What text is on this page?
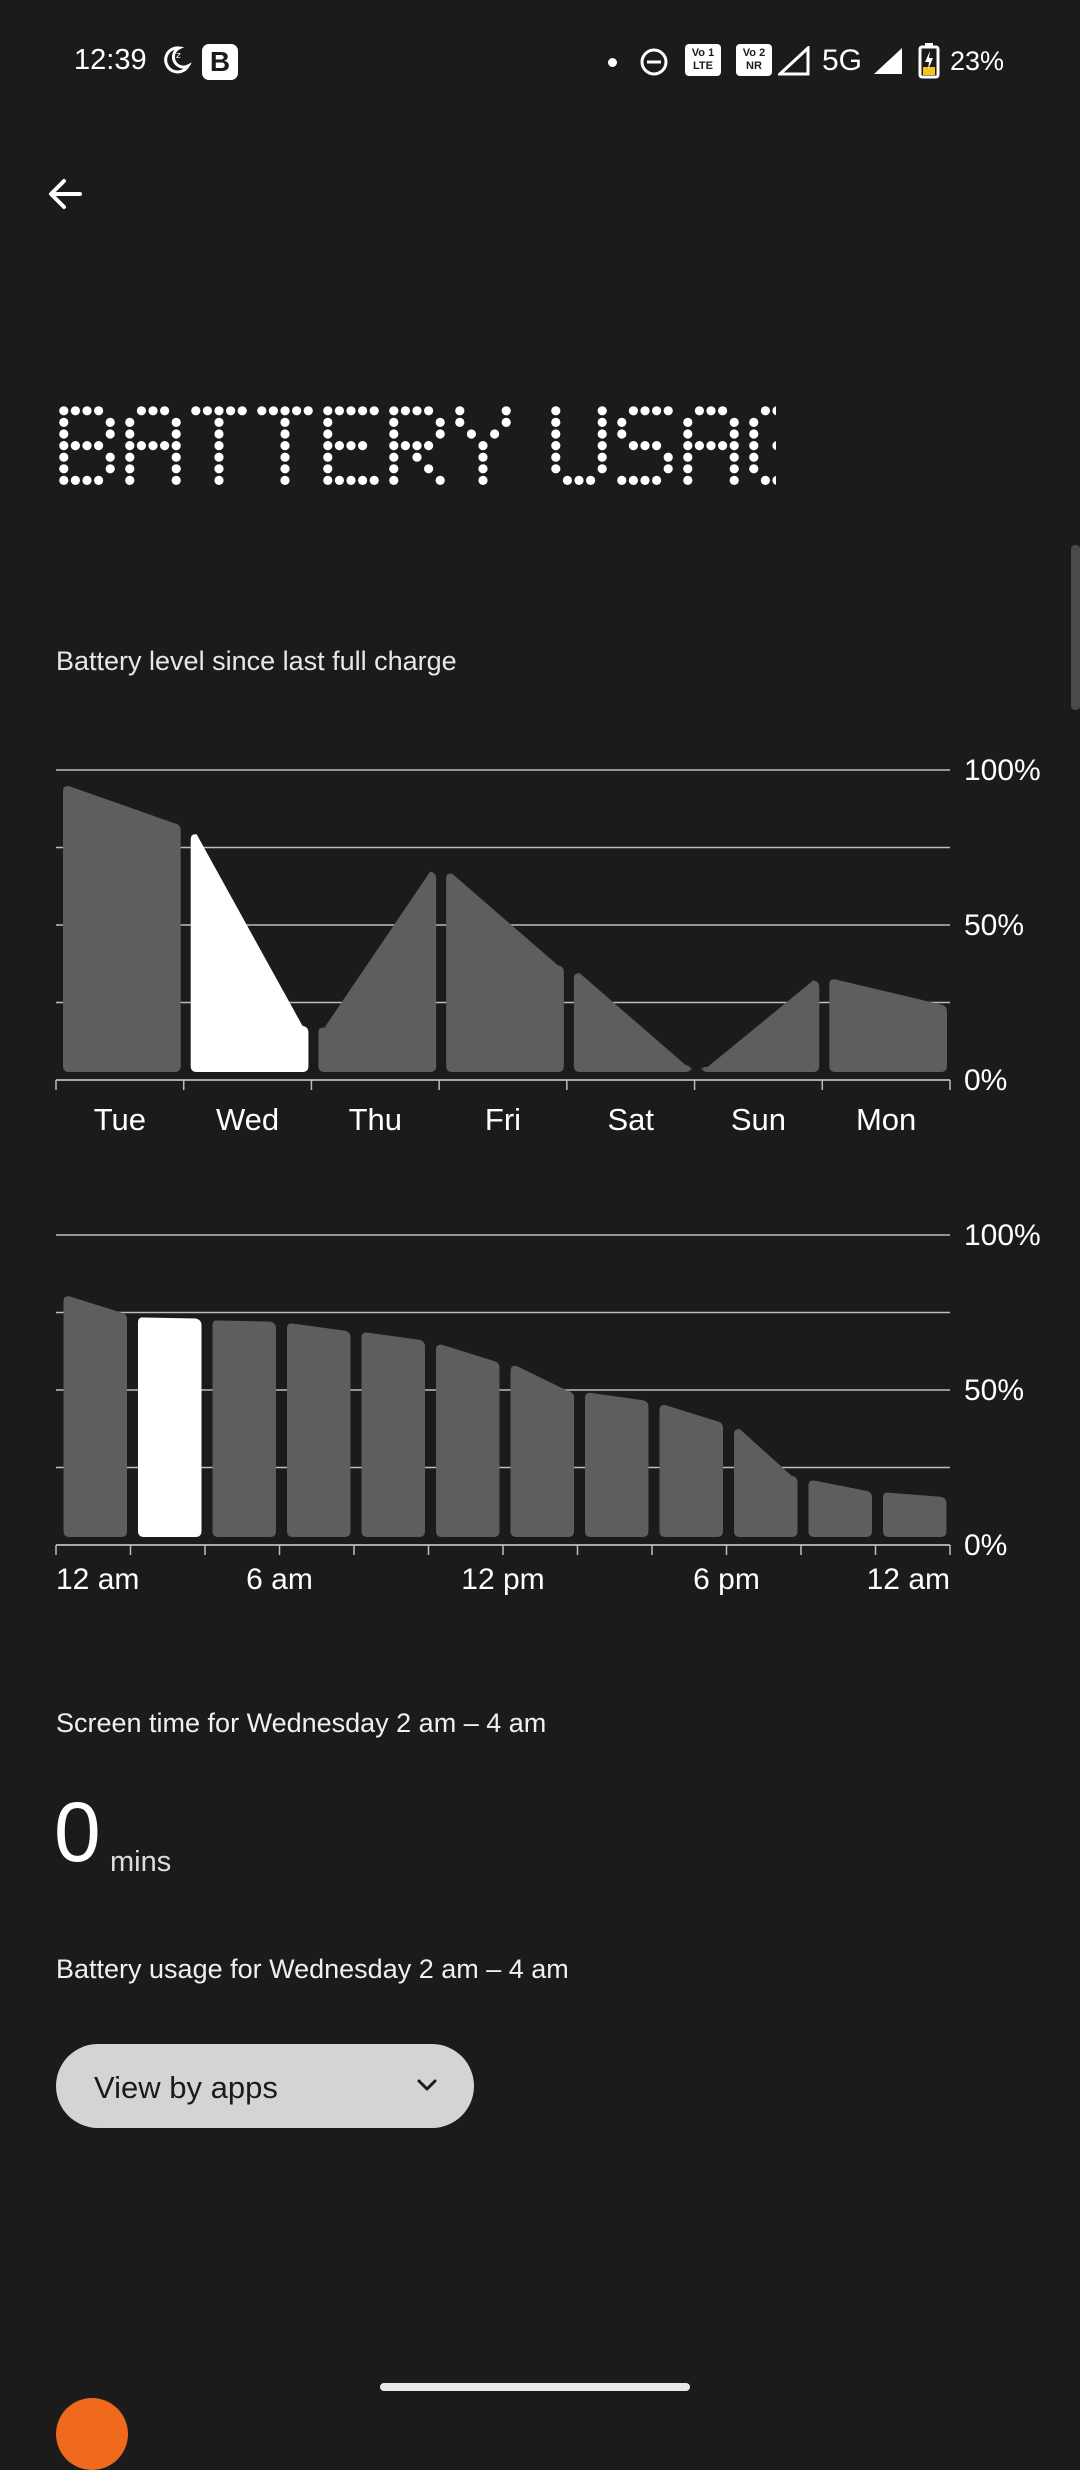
12:39	z B	Vo 1
LTE
Vo 2
NR	5G	23%
Battery level since last full charge
100%
50%
0%
Tue Wed Thu	Fri	Sat Sun Mon
100%
50%
0%
12 am	6 am	12 pm	6 pm	12 am
Screen time for Wednesday 2 am – 4 am
0 mins
Battery usage for Wednesday 2 am – 4 am
View by apps
